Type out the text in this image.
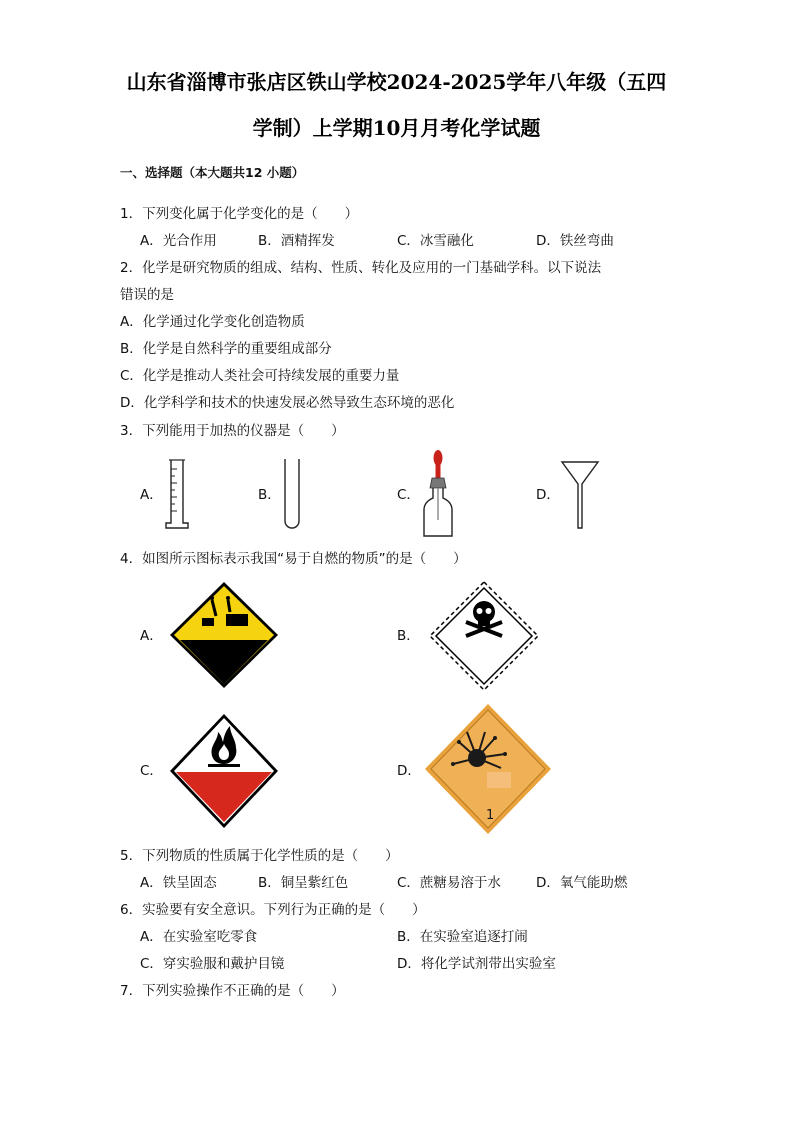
山东省淄博市张店区铁山学校2024-2025学年八年级（五四
学制）上学期10月月考化学试题
一、选择题（本大题共12 小题）
1．下列变化属于化学变化的是（　　）
A．光合作用	B．酒精挥发	C．冰雪融化	D．铁丝弯曲
2．化学是研究物质的组成、结构、性质、转化及应用的一门基础学科。以下说法
错误的是
A．化学通过化学变化创造物质
B．化学是自然科学的重要组成部分
C．化学是推动人类社会可持续发展的重要力量
D．化学科学和技术的快速发展必然导致生态环境的恶化
3．下列能用于加热的仪器是（　　）
A．	B．	C．	D．
4．如图所示图标表示我国“易于自燃的物质”的是（　　）
A．	B．
C．	D．
1
5．下列物质的性质属于化学性质的是（　　）
A．铁呈固态	B．铜呈紫红色	C．蔗糖易溶于水	D．氧气能助燃
6．实验要有安全意识。下列行为正确的是（　　）
A．在实验室吃零食	B．在实验室追逐打闹
C．穿实验服和戴护目镜	D．将化学试剂带出实验室
7．下列实验操作不正确的是（　　）
